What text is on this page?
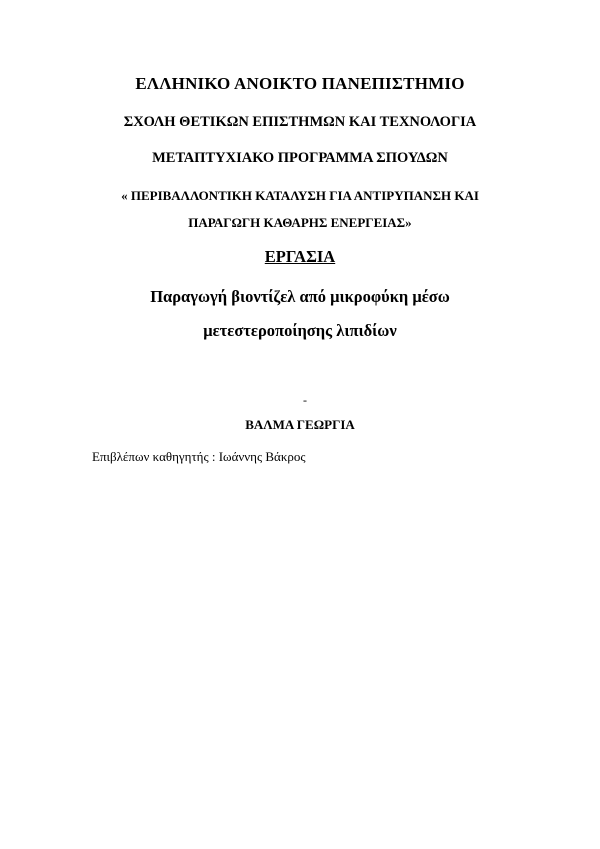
ΕΛΛΗΝΙΚΟ ΑΝΟΙΚΤΟ ΠΑΝΕΠΙΣΤΗΜΙΟ
ΣΧΟΛΗ ΘΕΤΙΚΩΝ ΕΠΙΣΤΗΜΩΝ ΚΑΙ ΤΕΧΝΟΛΟΓΙΑ
ΜΕΤΑΠΤΥΧΙΑΚΟ ΠΡΟΓΡΑΜΜΑ ΣΠΟΥΔΩΝ
« ΠΕΡΙΒΑΛΛΟΝΤΙΚΗ ΚΑΤΑΛΥΣΗ ΓΙΑ ΑΝΤΙΡΥΠΑΝΣΗ ΚΑΙ
ΠΑΡΑΓΩΓΗ ΚΑΘΑΡΗΣ ΕΝΕΡΓΕΙΑΣ»
ΕΡΓΑΣΙΑ
Παραγωγή βιοντίζελ από μικροφύκη μέσω
μετεστεροποίησης λιπιδίων
-
ΒΑΛΜΑ ΓΕΩΡΓΙΑ
Επιβλέπων καθηγητής : Ιωάννης Βάκρος
